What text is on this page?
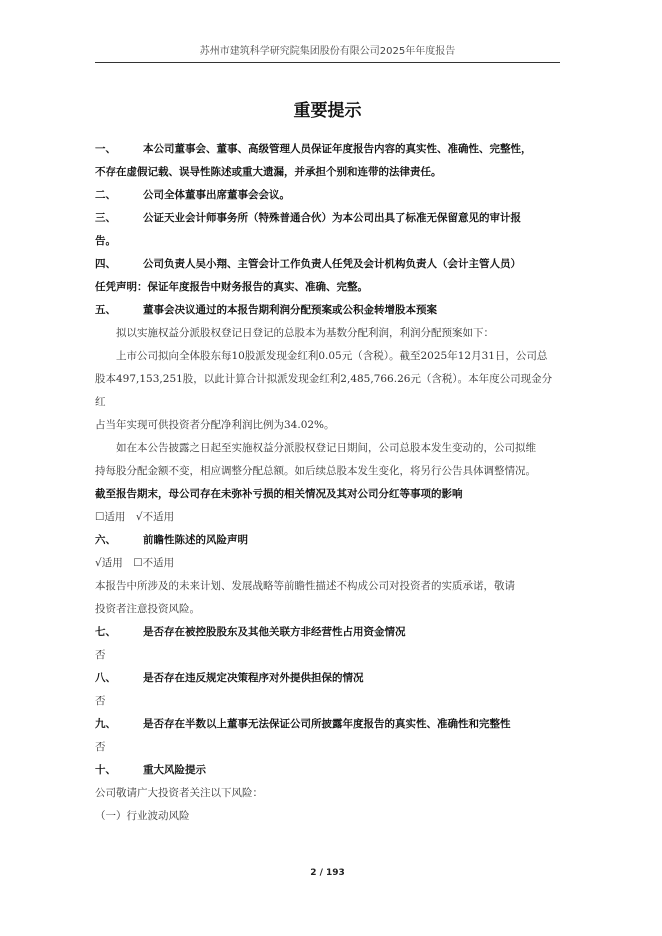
苏州市建筑科学研究院集团股份有限公司2025年年度报告
重要提示

一、	本公司董事会、董事、高级管理人员保证年度报告内容的真实性、准确性、完整性，

不存在虚假记载、误导性陈述或重大遗漏，并承担个别和连带的法律责任。

二、	公司全体董事出席董事会会议。

三、	公证天业会计师事务所（特殊普通合伙）为本公司出具了标准无保留意见的审计报

告。

四、	公司负责人吴小翔、主管会计工作负责人任凭及会计机构负责人（会计主管人员）

任凭声明：保证年度报告中财务报告的真实、准确、完整。

五、	董事会决议通过的本报告期利润分配预案或公积金转增股本预案

拟以实施权益分派股权登记日登记的总股本为基数分配利润，利润分配预案如下：

上市公司拟向全体股东每10股派发现金红利0.05元（含税）。截至2025年12月31日，公司总

股本497,153,251股，以此计算合计拟派发现金红利2,485,766.26元（含税）。本年度公司现金分红

占当年实现可供投资者分配净利润比例为34.02%。

如在本公告披露之日起至实施权益分派股权登记日期间，公司总股本发生变动的，公司拟维

持每股分配金额不变，相应调整分配总额。如后续总股本发生变化，将另行公告具体调整情况。

截至报告期末，母公司存在未弥补亏损的相关情况及其对公司分红等事项的影响

☐适用　√不适用

六、	前瞻性陈述的风险声明

√适用　☐不适用

本报告中所涉及的未来计划、发展战略等前瞻性描述不构成公司对投资者的实质承诺，敬请

投资者注意投资风险。

七、	是否存在被控股股东及其他关联方非经营性占用资金情况

否

八、	是否存在违反规定决策程序对外提供担保的情况

否

九、	是否存在半数以上董事无法保证公司所披露年度报告的真实性、准确性和完整性

否

十、	重大风险提示

公司敬请广大投资者关注以下风险：

（一）行业波动风险

2 / 193
